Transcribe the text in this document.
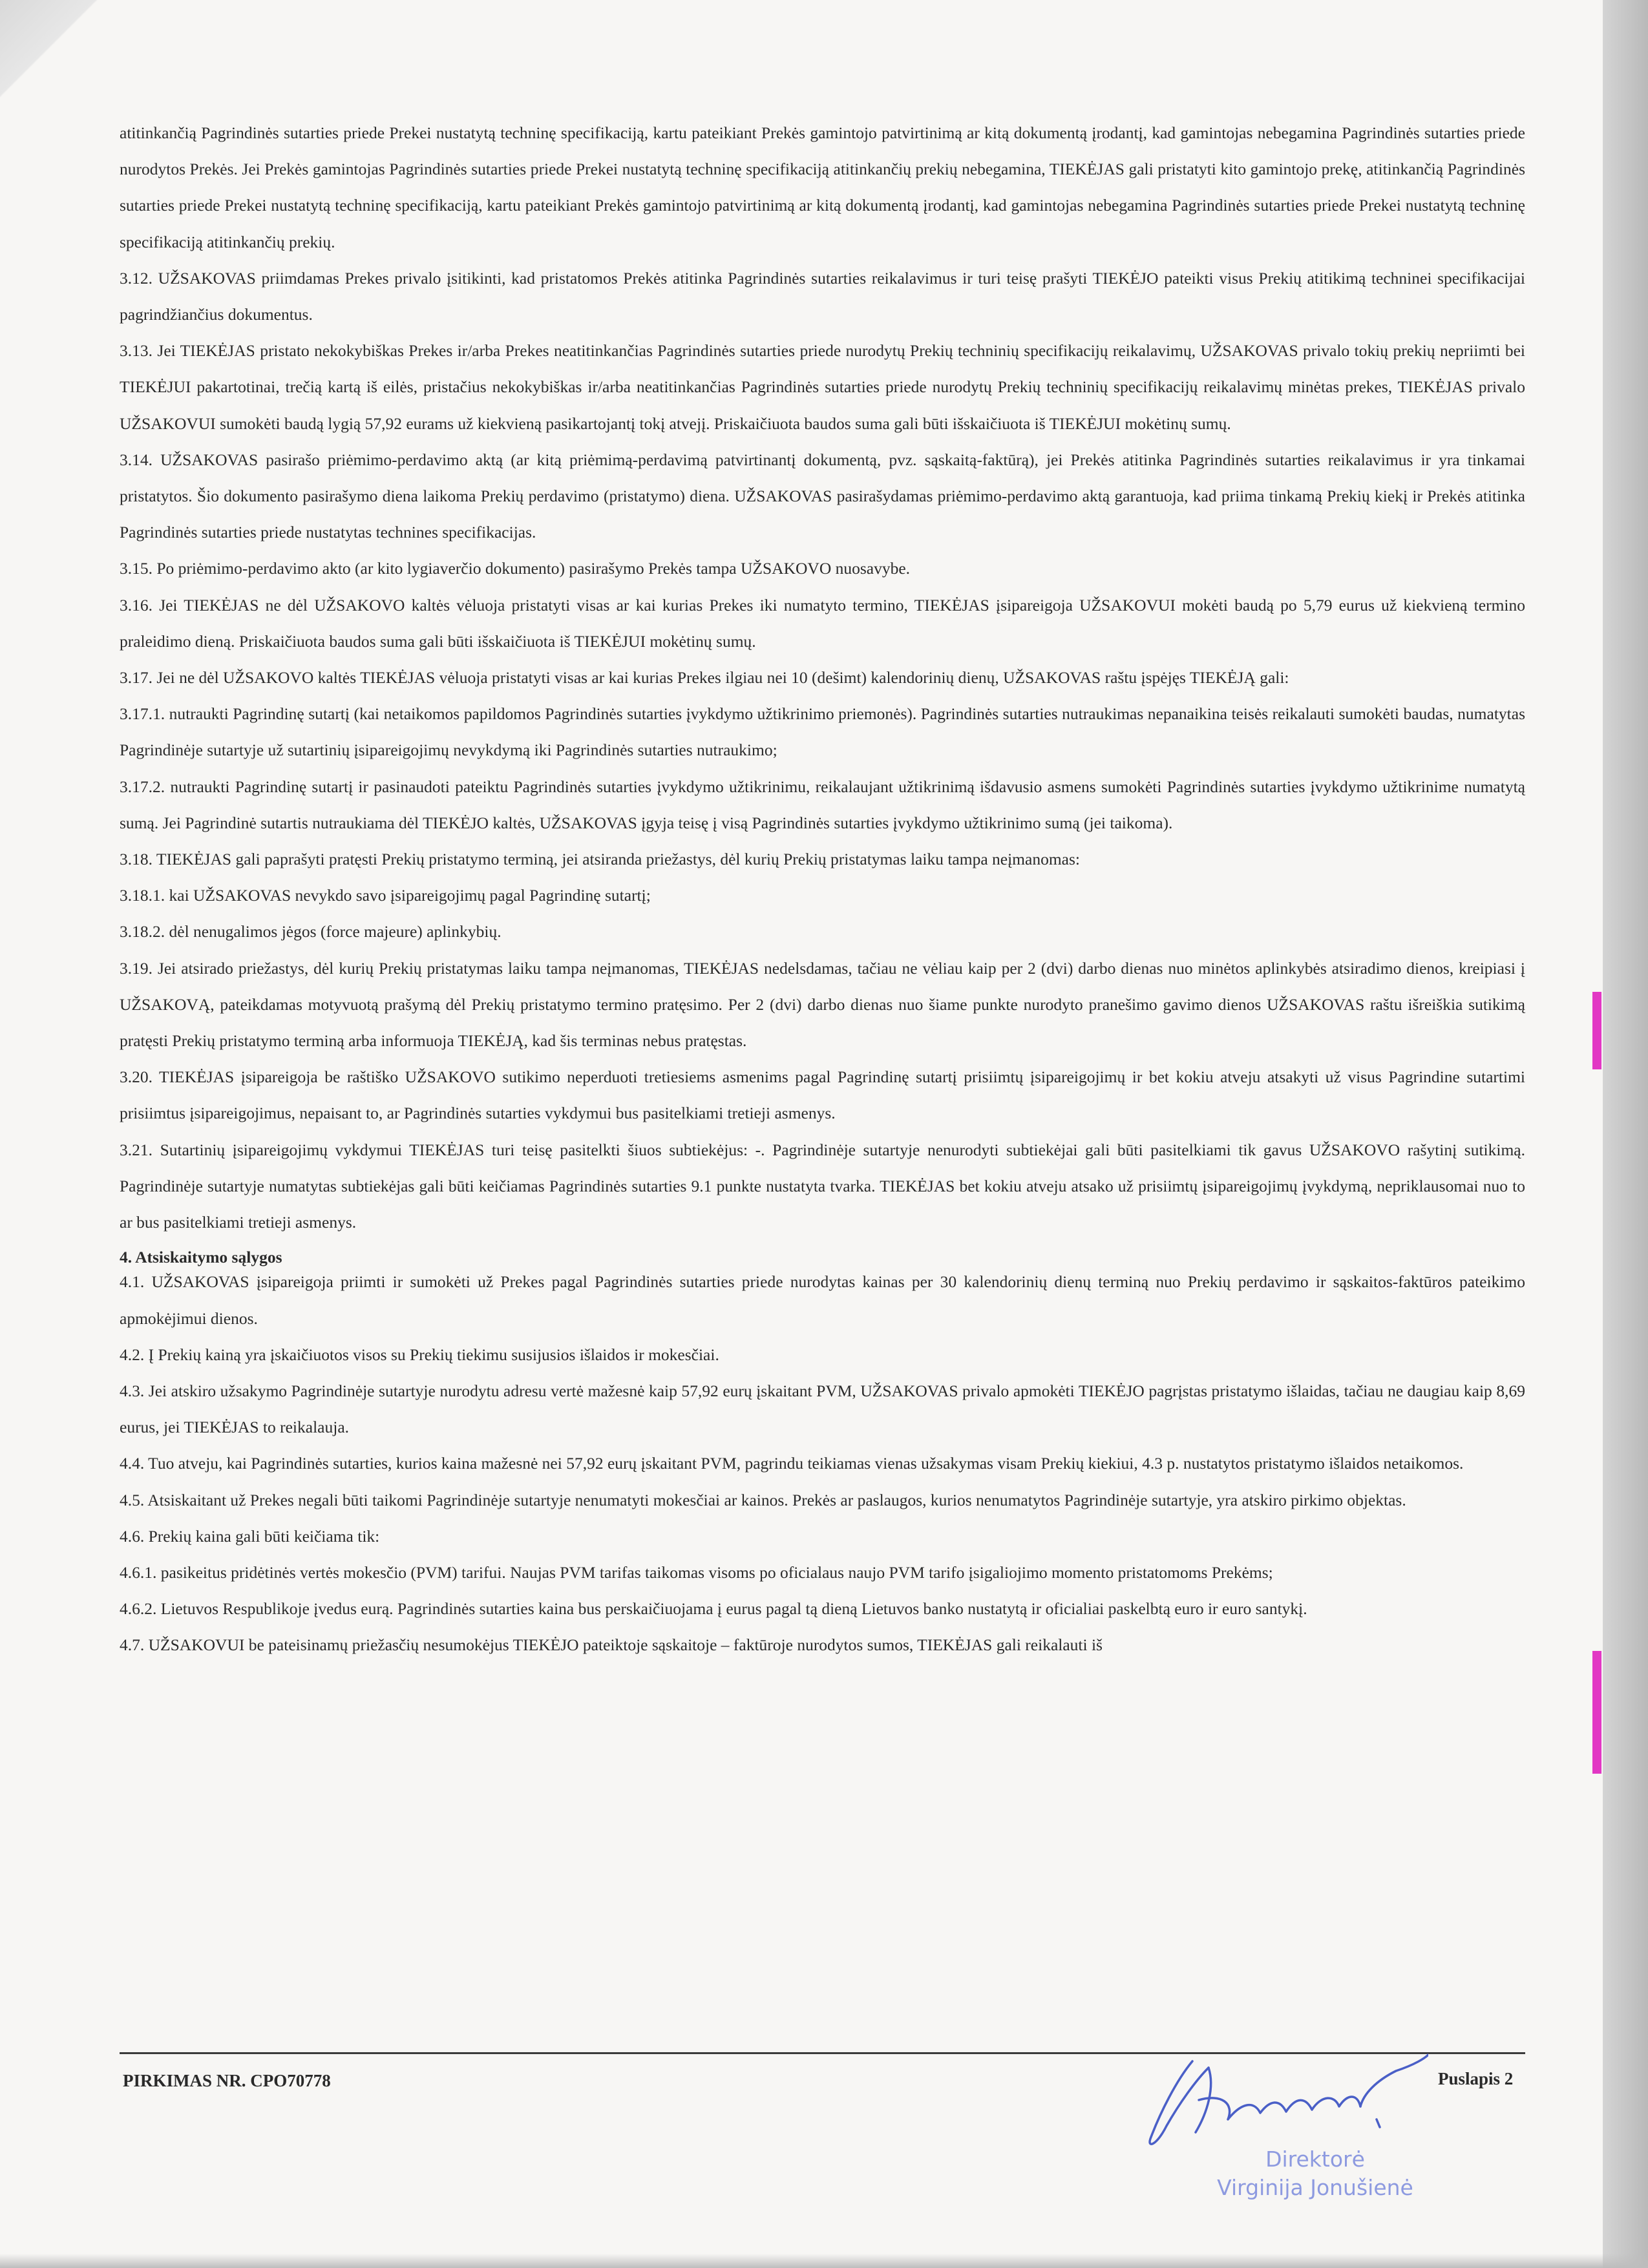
atitinkančią Pagrindinės sutarties priede Prekei nustatytą techninę specifikaciją, kartu pateikiant Prekės gamintojo patvirtinimą ar kitą dokumentą įrodantį, kad gamintojas nebegamina Pagrindinės sutarties priede nurodytos Prekės. Jei Prekės gamintojas Pagrindinės sutarties priede Prekei nustatytą techninę specifikaciją atitinkančių prekių nebegamina, TIEKĖJAS gali pristatyti kito gamintojo prekę, atitinkančią Pagrindinės sutarties priede Prekei nustatytą techninę specifikaciją, kartu pateikiant Prekės gamintojo patvirtinimą ar kitą dokumentą įrodantį, kad gamintojas nebegamina Pagrindinės sutarties priede Prekei nustatytą techninę specifikaciją atitinkančių prekių.

3.12. UŽSAKOVAS priimdamas Prekes privalo įsitikinti, kad pristatomos Prekės atitinka Pagrindinės sutarties reikalavimus ir turi teisę prašyti TIEKĖJO pateikti visus Prekių atitikimą techninei specifikacijai pagrindžiančius dokumentus.

3.13. Jei TIEKĖJAS pristato nekokybiškas Prekes ir/arba Prekes neatitinkančias Pagrindinės sutarties priede nurodytų Prekių techninių specifikacijų reikalavimų, UŽSAKOVAS privalo tokių prekių nepriimti bei TIEKĖJUI pakartotinai, trečią kartą iš eilės, pristačius nekokybiškas ir/arba neatitinkančias Pagrindinės sutarties priede nurodytų Prekių techninių specifikacijų reikalavimų minėtas prekes, TIEKĖJAS privalo UŽSAKOVUI sumokėti baudą lygią 57,92 eurams už kiekvieną pasikartojantį tokį atvejį. Priskaičiuota baudos suma gali būti išskaičiuota iš TIEKĖJUI mokėtinų sumų.

3.14. UŽSAKOVAS pasirašo priėmimo-perdavimo aktą (ar kitą priėmimą-perdavimą patvirtinantį dokumentą, pvz. sąskaitą-faktūrą), jei Prekės atitinka Pagrindinės sutarties reikalavimus ir yra tinkamai pristatytos. Šio dokumento pasirašymo diena laikoma Prekių perdavimo (pristatymo) diena. UŽSAKOVAS pasirašydamas priėmimo-perdavimo aktą garantuoja, kad priima tinkamą Prekių kiekį ir Prekės atitinka Pagrindinės sutarties priede nustatytas technines specifikacijas.

3.15. Po priėmimo-perdavimo akto (ar kito lygiaverčio dokumento) pasirašymo Prekės tampa UŽSAKOVO nuosavybe.

3.16. Jei TIEKĖJAS ne dėl UŽSAKOVO kaltės vėluoja pristatyti visas ar kai kurias Prekes iki numatyto termino, TIEKĖJAS įsipareigoja UŽSAKOVUI mokėti baudą po 5,79 eurus už kiekvieną termino praleidimo dieną. Priskaičiuota baudos suma gali būti išskaičiuota iš TIEKĖJUI mokėtinų sumų.

3.17. Jei ne dėl UŽSAKOVO kaltės TIEKĖJAS vėluoja pristatyti visas ar kai kurias Prekes ilgiau nei 10 (dešimt) kalendorinių dienų, UŽSAKOVAS raštu įspėjęs TIEKĖJĄ gali:

3.17.1. nutraukti Pagrindinę sutartį (kai netaikomos papildomos Pagrindinės sutarties įvykdymo užtikrinimo priemonės). Pagrindinės sutarties nutraukimas nepanaikina teisės reikalauti sumokėti baudas, numatytas Pagrindinėje sutartyje už sutartinių įsipareigojimų nevykdymą iki Pagrindinės sutarties nutraukimo;

3.17.2. nutraukti Pagrindinę sutartį ir pasinaudoti pateiktu Pagrindinės sutarties įvykdymo užtikrinimu, reikalaujant užtikrinimą išdavusio asmens sumokėti Pagrindinės sutarties įvykdymo užtikrinime numatytą sumą. Jei Pagrindinė sutartis nutraukiama dėl TIEKĖJO kaltės, UŽSAKOVAS įgyja teisę į visą Pagrindinės sutarties įvykdymo užtikrinimo sumą (jei taikoma).

3.18. TIEKĖJAS gali paprašyti pratęsti Prekių pristatymo terminą, jei atsiranda priežastys, dėl kurių Prekių pristatymas laiku tampa neįmanomas:

3.18.1. kai UŽSAKOVAS nevykdo savo įsipareigojimų pagal Pagrindinę sutartį;

3.18.2. dėl nenugalimos jėgos (force majeure) aplinkybių.

3.19. Jei atsirado priežastys, dėl kurių Prekių pristatymas laiku tampa neįmanomas, TIEKĖJAS nedelsdamas, tačiau ne vėliau kaip per 2 (dvi) darbo dienas nuo minėtos aplinkybės atsiradimo dienos, kreipiasi į UŽSAKOVĄ, pateikdamas motyvuotą prašymą dėl Prekių pristatymo termino pratęsimo. Per 2 (dvi) darbo dienas nuo šiame punkte nurodyto pranešimo gavimo dienos UŽSAKOVAS raštu išreiškia sutikimą pratęsti Prekių pristatymo terminą arba informuoja TIEKĖJĄ, kad šis terminas nebus pratęstas.

3.20. TIEKĖJAS įsipareigoja be raštiško UŽSAKOVO sutikimo neperduoti tretiesiems asmenims pagal Pagrindinę sutartį prisiimtų įsipareigojimų ir bet kokiu atveju atsakyti už visus Pagrindine sutartimi prisiimtus įsipareigojimus, nepaisant to, ar Pagrindinės sutarties vykdymui bus pasitelkiami tretieji asmenys.

3.21. Sutartinių įsipareigojimų vykdymui TIEKĖJAS turi teisę pasitelkti šiuos subtiekėjus: -. Pagrindinėje sutartyje nenurodyti subtiekėjai gali būti pasitelkiami tik gavus UŽSAKOVO rašytinį sutikimą. Pagrindinėje sutartyje numatytas subtiekėjas gali būti keičiamas Pagrindinės sutarties 9.1 punkte nustatyta tvarka. TIEKĖJAS bet kokiu atveju atsako už prisiimtų įsipareigojimų įvykdymą, nepriklausomai nuo to ar bus pasitelkiami tretieji asmenys.

4. Atsiskaitymo sąlygos

4.1. UŽSAKOVAS įsipareigoja priimti ir sumokėti už Prekes pagal Pagrindinės sutarties priede nurodytas kainas per 30 kalendorinių dienų terminą nuo Prekių perdavimo ir sąskaitos-faktūros pateikimo apmokėjimui dienos.

4.2. Į Prekių kainą yra įskaičiuotos visos su Prekių tiekimu susijusios išlaidos ir mokesčiai.

4.3. Jei atskiro užsakymo Pagrindinėje sutartyje nurodytu adresu vertė mažesnė kaip 57,92 eurų įskaitant PVM, UŽSAKOVAS privalo apmokėti TIEKĖJO pagrįstas pristatymo išlaidas, tačiau ne daugiau kaip 8,69 eurus, jei TIEKĖJAS to reikalauja.

4.4. Tuo atveju, kai Pagrindinės sutarties, kurios kaina mažesnė nei 57,92 eurų įskaitant PVM, pagrindu teikiamas vienas užsakymas visam Prekių kiekiui, 4.3 p. nustatytos pristatymo išlaidos netaikomos.

4.5. Atsiskaitant už Prekes negali būti taikomi Pagrindinėje sutartyje nenumatyti mokesčiai ar kainos. Prekės ar paslaugos, kurios nenumatytos Pagrindinėje sutartyje, yra atskiro pirkimo objektas.

4.6. Prekių kaina gali būti keičiama tik:

4.6.1. pasikeitus pridėtinės vertės mokesčio (PVM) tarifui. Naujas PVM tarifas taikomas visoms po oficialaus naujo PVM tarifo įsigaliojimo momento pristatomoms Prekėms;

4.6.2. Lietuvos Respublikoje įvedus eurą. Pagrindinės sutarties kaina bus perskaičiuojama į eurus pagal tą dieną Lietuvos banko nustatytą ir oficialiai paskelbtą euro ir euro santykį.

4.7. UŽSAKOVUI be pateisinamų priežasčių nesumokėjus TIEKĖJO pateiktoje sąskaitoje – faktūroje nurodytos sumos, TIEKĖJAS gali reikalauti iš

PIRKIMAS NR. CPO70778	Puslapis 2
Direktorė
Virginija Jonušienė
